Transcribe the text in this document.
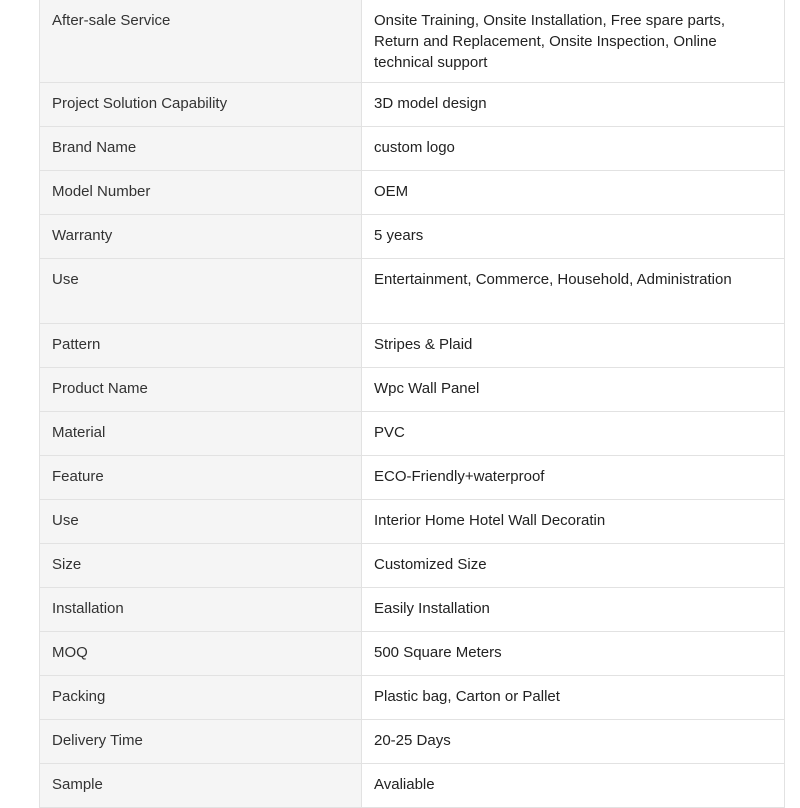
After-sale Service	Onsite Training, Onsite Installation, Free spare parts, Return and Replacement, Onsite Inspection, Online technical support
Project Solution Capability	3D model design
Brand Name	custom logo
Model Number	OEM
Warranty	5 years
Use	Entertainment, Commerce, Household, Administration
Pattern	Stripes & Plaid
Product Name	Wpc Wall Panel
Material	PVC
Feature	ECO-Friendly+waterproof
Use	Interior Home Hotel Wall Decoratin
Size	Customized Size
Installation	Easily Installation
MOQ	500 Square Meters
Packing	Plastic bag, Carton or Pallet
Delivery Time	20-25 Days
Sample	Avaliable
